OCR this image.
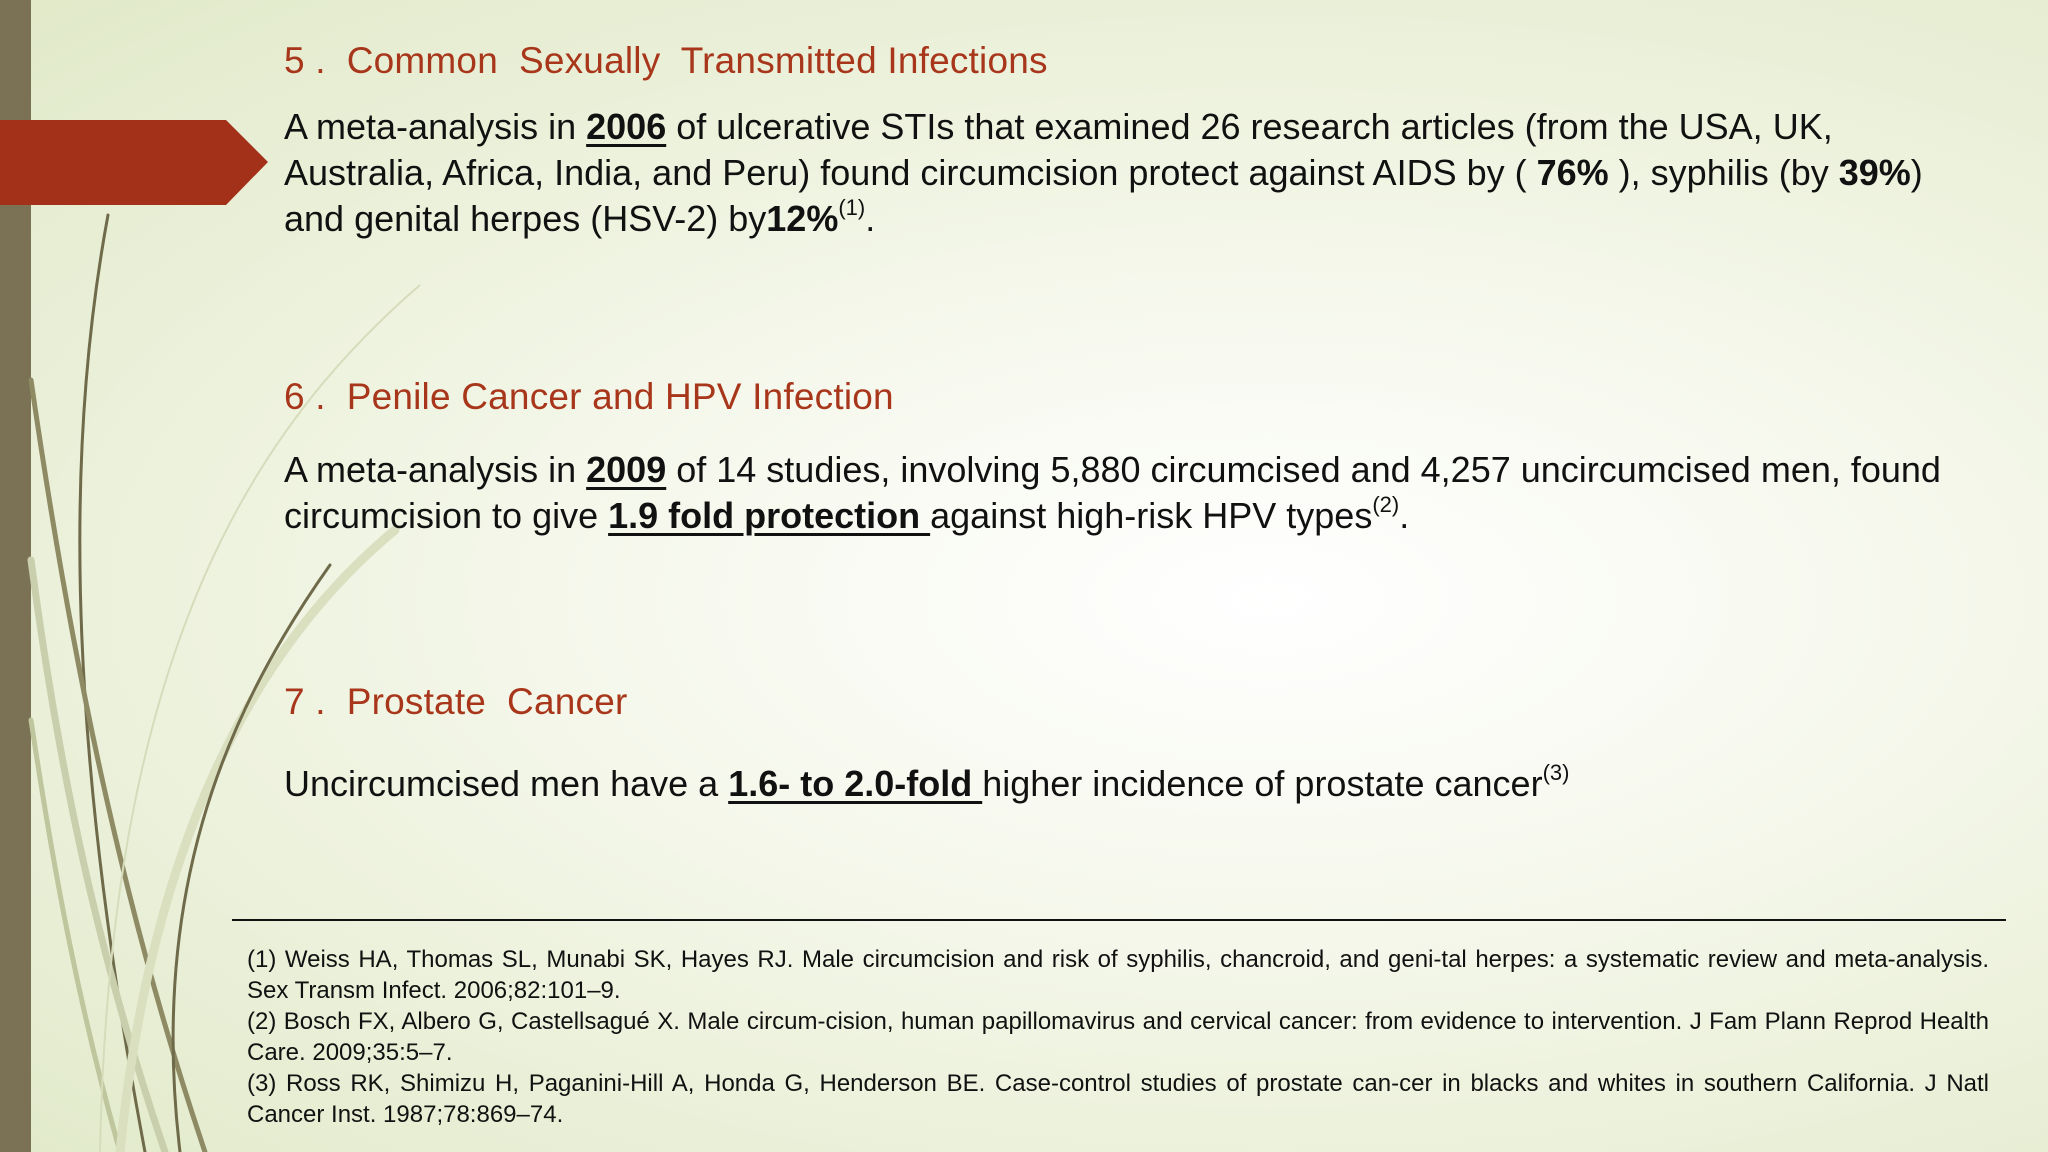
5 .  Common  Sexually  Transmitted Infections

A meta-analysis in 2006 of ulcerative STIs that examined 26 research articles (from the USA, UK, Australia, Africa, India, and Peru) found circumcision protect against AIDS by ( 76% ), syphilis (by 39%) and genital herpes (HSV-2) by12%$^{(1)}$.

6 .  Penile Cancer and HPV Infection

A meta-analysis in 2009 of 14 studies, involving 5,880 circumcised and 4,257 uncircumcised men, found circumcision to give 1.9 fold protection against high-risk HPV types$^{(2)}$.

7 .  Prostate  Cancer

Uncircumcised men have a 1.6- to 2.0-fold higher incidence of prostate cancer$^{(3)}$

(1) Weiss HA, Thomas SL, Munabi SK, Hayes RJ. Male circumcision and risk of syphilis, chancroid, and geni-tal herpes: a systematic review and meta-analysis. Sex Transm Infect. 2006;82:101–9.

(2) Bosch FX, Albero G, Castellsagué X. Male circum-cision, human papillomavirus and cervical cancer: from evidence to intervention. J Fam Plann Reprod Health Care. 2009;35:5–7.

(3) Ross RK, Shimizu H, Paganini-Hill A, Honda G, Henderson BE. Case-control studies of prostate can-cer in blacks and whites in southern California. J Natl Cancer Inst. 1987;78:869–74.
